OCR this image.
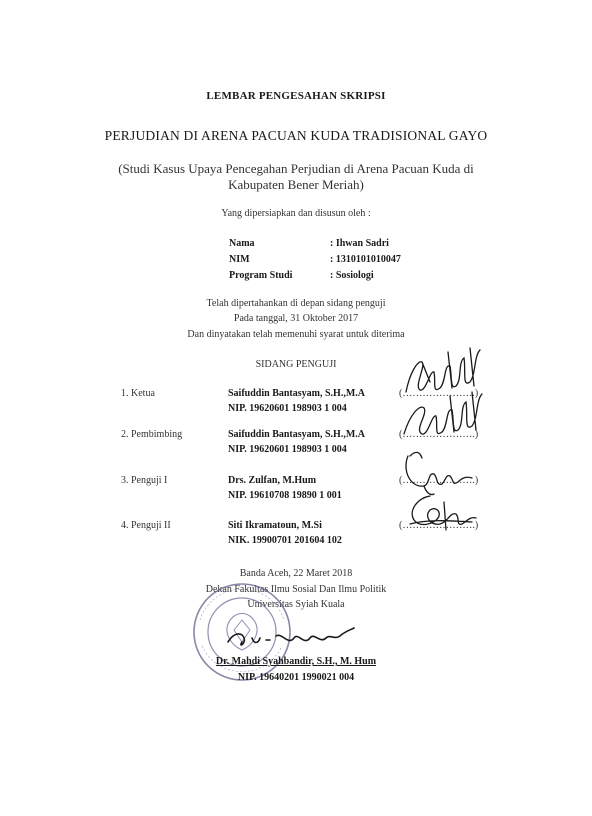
LEMBAR PENGESAHAN SKRIPSI
PERJUDIAN DI ARENA PACUAN KUDA TRADISIONAL GAYO
(Studi Kasus Upaya Pencegahan Perjudian di Arena Pacuan Kuda di
Kabupaten Bener Meriah)
Yang dipersiapkan dan disusun oleh :
Nama	: Ihwan Sadri
NIM	: 1310101010047
Program Studi	: Sosiologi
Telah dipertahankan di depan sidang penguji
Pada tanggal, 31 Oktober 2017
Dan dinyatakan telah memenuhi syarat untuk diterima
SIDANG PENGUJI
1. Ketua	Saifuddin Bantasyam, S.H.,M.A
NIP. 19620601 198903 1 004
(………………….)
2. Pembimbing	Saifuddin Bantasyam, S.H.,M.A
NIP. 19620601 198903 1 004
(………………….)
3. Penguji I	Drs. Zulfan, M.Hum
NIP. 19610708 19890 1 001
(………………….)
4. Penguji II	Siti Ikramatoun, M.Si
NIK. 19900701 201604 102
(………………….)
Banda Aceh, 22 Maret 2018
Dekan Fakultas Ilmu Sosial Dan Ilmu Politik
Universitas Syiah Kuala
Dr. Mahdi Syahbandir, S.H., M. Hum
NIP. 19640201 1990021 004
